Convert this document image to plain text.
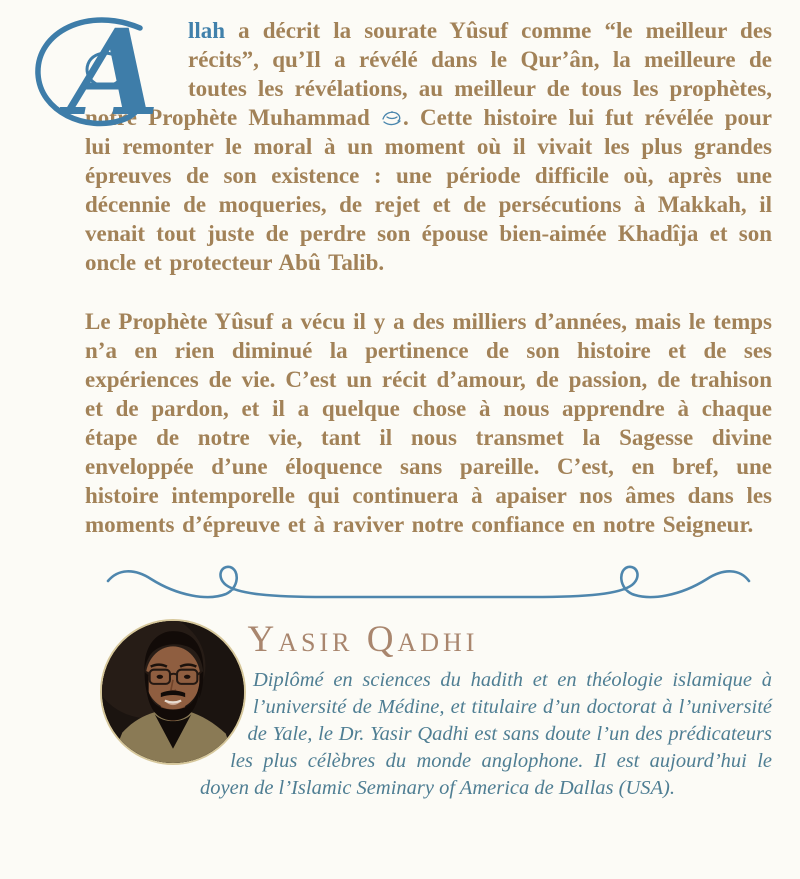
A llah a décrit la sourate Yûsuf comme “le meilleur des récits”, qu’Il a révélé dans le Qur’ân, la meilleure de toutes les révélations, au meilleur de tous les prophètes, notre Prophète Muhammad . Cette histoire lui fut révélée pour lui remonter le moral à un moment où il vivait les plus grandes épreuves de son existence : une période difficile où, après une décennie de moqueries, de rejet et de persécutions à Makkah, il venait tout juste de perdre son épouse bien-aimée Khadîja et son oncle et protecteur Abû Talib.

Le Prophète Yûsuf a vécu il y a des milliers d’années, mais le temps n’a en rien diminué la pertinence de son histoire et de ses expériences de vie. C’est un récit d’amour, de passion, de trahison et de pardon, et il a quelque chose à nous apprendre à chaque étape de notre vie, tant il nous transmet la Sagesse divine enveloppée d’une éloquence sans pareille. C’est, en bref, une histoire intemporelle qui continuera à apaiser nos âmes dans les moments d’épreuve et à raviver notre confiance en notre Seigneur.

Yasir Qadhi

Diplômé en sciences du hadith et en théologie islamique à l’université de Médine, et titulaire d’un doctorat à l’université de Yale, le Dr. Yasir Qadhi est sans doute l’un des prédicateurs les plus célèbres du monde anglophone. Il est aujourd’hui le doyen de l’Islamic Seminary of America de Dallas (USA).
